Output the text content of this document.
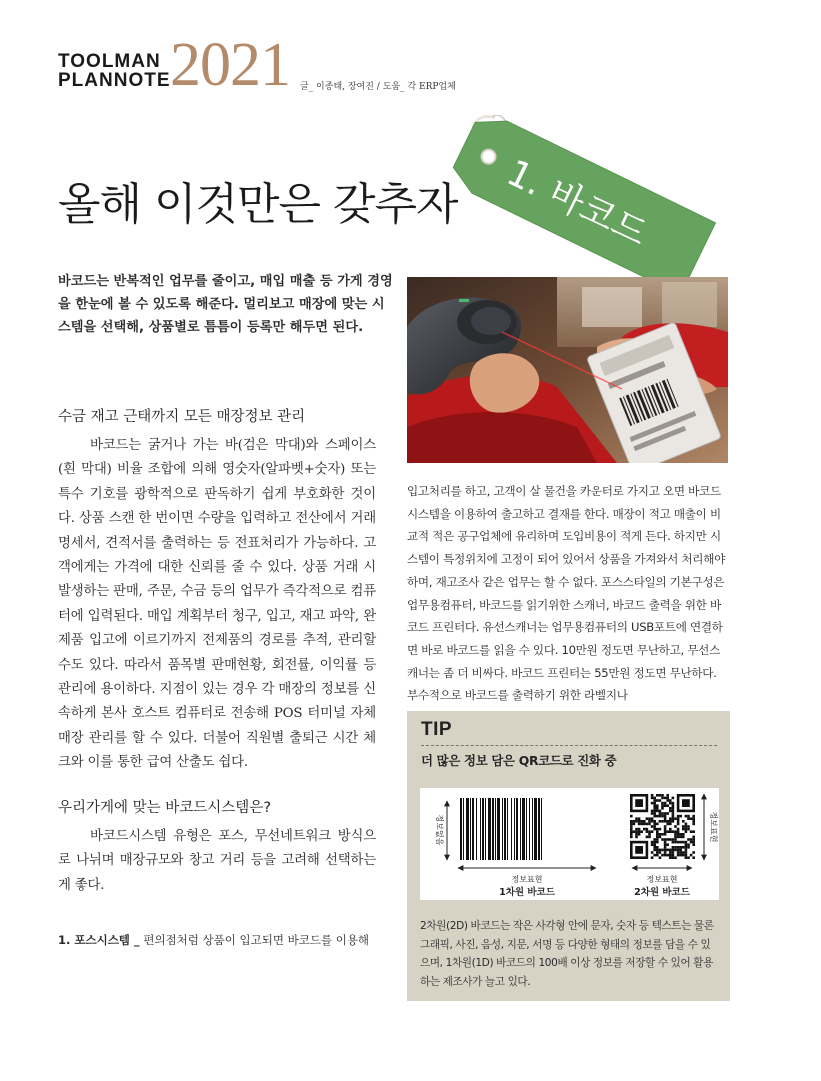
TOOLMAN
PLANNOTE 2021 글_ 이종태, 장여진 / 도움_ 각 ERP업체
1. 바코드
올해 이것만은 갖추자

바코드는 반복적인 업무를 줄이고, 매입 매출 등 가게 경영을 한눈에 볼 수 있도록 해준다. 멀리보고 매장에 맞는 시스템을 선택해, 상품별로 틈틈이 등록만 해두면 된다.

수금 재고 근태까지 모든 매장정보 관리

바코드는 굵거나 가는 바(검은 막대)와 스페이스(흰 막대) 비율 조합에 의해 영숫자(알파벳+숫자) 또는 특수 기호를 광학적으로 판독하기 쉽게 부호화한 것이다. 상품 스캔 한 번이면 수량을 입력하고 전산에서 거래명세서, 견적서를 출력하는 등 전표처리가 가능하다. 고객에게는 가격에 대한 신뢰를 줄 수 있다. 상품 거래 시 발생하는 판매, 주문, 수금 등의 업무가 즉각적으로 컴퓨터에 입력된다. 매입 계획부터 청구, 입고, 재고 파악, 완제품 입고에 이르기까지 전제품의 경로를 추적, 관리할 수도 있다. 따라서 품목별 판매현황, 회전률, 이익률 등 관리에 용이하다. 지점이 있는 경우 각 매장의 정보를 신속하게 본사 호스트 컴퓨터로 전송해 POS 터미널 자체 매장 관리를 할 수 있다. 더불어 직원별 출퇴근 시간 체크와 이를 통한 급여 산출도 쉽다.

우리가게에 맞는 바코드시스템은?

바코드시스템 유형은 포스, 무선네트워크 방식으로 나뉘며 매장규모와 창고 거리 등을 고려해 선택하는 게 좋다.

1. 포스시스템 _ 편의점처럼 상품이 입고되면 바코드를 이용해

입고처리를 하고, 고객이 살 물건을 카운터로 가지고 오면 바코드시스템을 이용하여 출고하고 결재를 한다. 매장이 적고 매출이 비교적 적은 공구업체에 유리하며 도입비용이 적게 든다. 하지만 시스템이 특정위치에 고정이 되어 있어서 상품을 가져와서 처리해야 하며, 재고조사 같은 업무는 할 수 없다. 포스스타일의 기본구성은 업무용컴퓨터, 바코드를 읽기위한 스캐너, 바코드 출력을 위한 바코드 프린터다. 유선스캐너는 업무용컴퓨터의 USB포트에 연결하면 바로 바코드를 읽을 수 있다. 10만원 정도면 무난하고, 무선스캐너는 좀 더 비싸다. 바코드 프린터는 55만원 정도면 무난하다. 부수적으로 바코드를 출력하기 위한 라벨지나

TIP
더 많은 정보 담은 QR코드로 진화 중
정보없음
정보표현
1차원 바코드
정보표현
정보표현
2차원 바코드

2차원(2D) 바코드는 작은 사각형 안에 문자, 숫자 등 텍스트는 물론 그래픽, 사진, 음성, 지문, 서명 등 다양한 형태의 정보를 담을 수 있으며, 1차원(1D) 바코드의 100배 이상 정보를 저장할 수 있어 활용하는 제조사가 늘고 있다.
